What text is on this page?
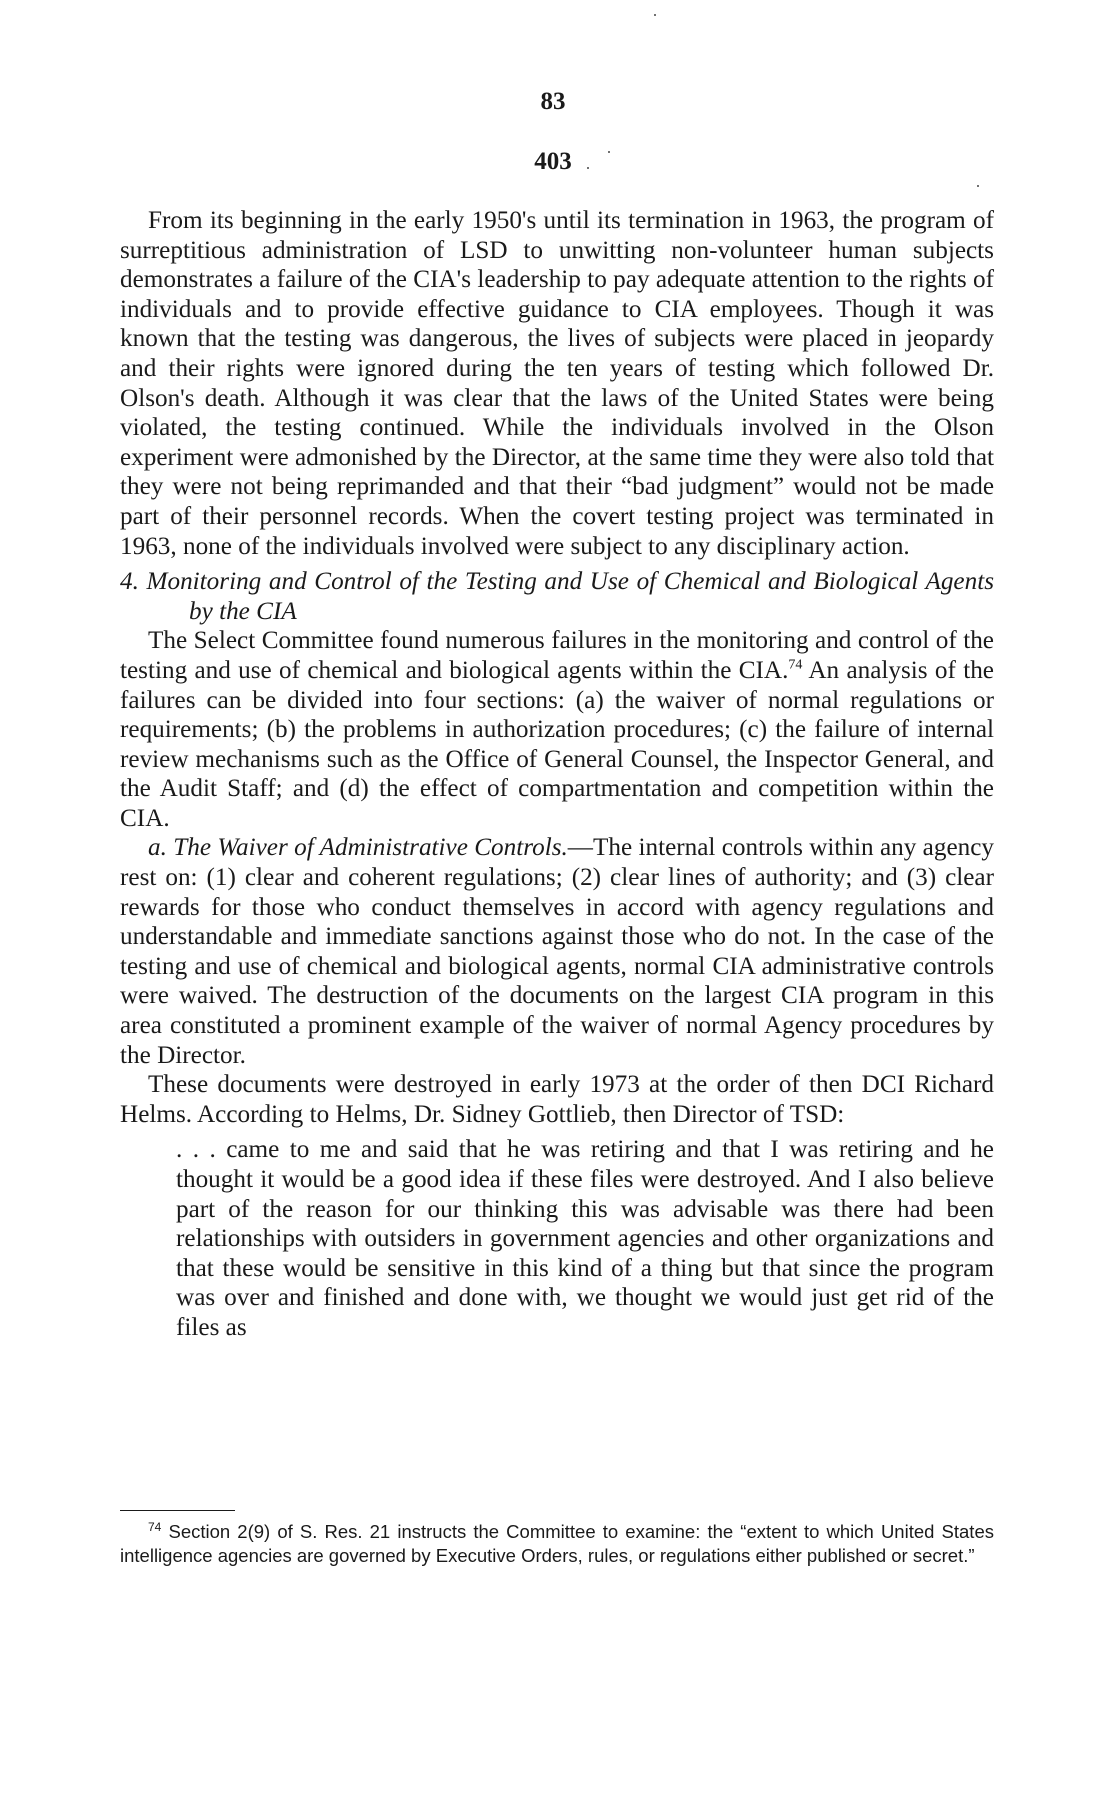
83
403

From its beginning in the early 1950's until its termination in 1963, the program of surreptitious administration of LSD to unwitting non-volunteer human subjects demonstrates a failure of the CIA's leadership to pay adequate attention to the rights of individuals and to provide effective guidance to CIA employees. Though it was known that the testing was dangerous, the lives of subjects were placed in jeopardy and their rights were ignored during the ten years of testing which followed Dr. Olson's death. Although it was clear that the laws of the United States were being violated, the testing continued. While the individuals involved in the Olson experiment were admonished by the Director, at the same time they were also told that they were not being reprimanded and that their “bad judgment” would not be made part of their personnel records. When the covert testing project was terminated in 1963, none of the individuals involved were subject to any disciplinary action.

4. Monitoring and Control of the Testing and Use of Chemical and Biological Agents by the CIA

The Select Committee found numerous failures in the monitoring and control of the testing and use of chemical and biological agents within the CIA.$^{74}$ An analysis of the failures can be divided into four sections: (a) the waiver of normal regulations or requirements; (b) the problems in authorization procedures; (c) the failure of internal review mechanisms such as the Office of General Counsel, the Inspector General, and the Audit Staff; and (d) the effect of compartmentation and competition within the CIA.

a. The Waiver of Administrative Controls.—The internal controls within any agency rest on: (1) clear and coherent regulations; (2) clear lines of authority; and (3) clear rewards for those who conduct themselves in accord with agency regulations and understandable and immediate sanctions against those who do not. In the case of the testing and use of chemical and biological agents, normal CIA administrative controls were waived. The destruction of the documents on the largest CIA program in this area constituted a prominent example of the waiver of normal Agency procedures by the Director.

These documents were destroyed in early 1973 at the order of then DCI Richard Helms. According to Helms, Dr. Sidney Gottlieb, then Director of TSD:

. . . came to me and said that he was retiring and that I was retiring and he thought it would be a good idea if these files were destroyed. And I also believe part of the reason for our thinking this was advisable was there had been relationships with outsiders in government agencies and other organizations and that these would be sensitive in this kind of a thing but that since the program was over and finished and done with, we thought we would just get rid of the files as

$^{74}$ Section 2(9) of S. Res. 21 instructs the Committee to examine: the “extent to which United States intelligence agencies are governed by Executive Orders, rules, or regulations either published or secret.”
